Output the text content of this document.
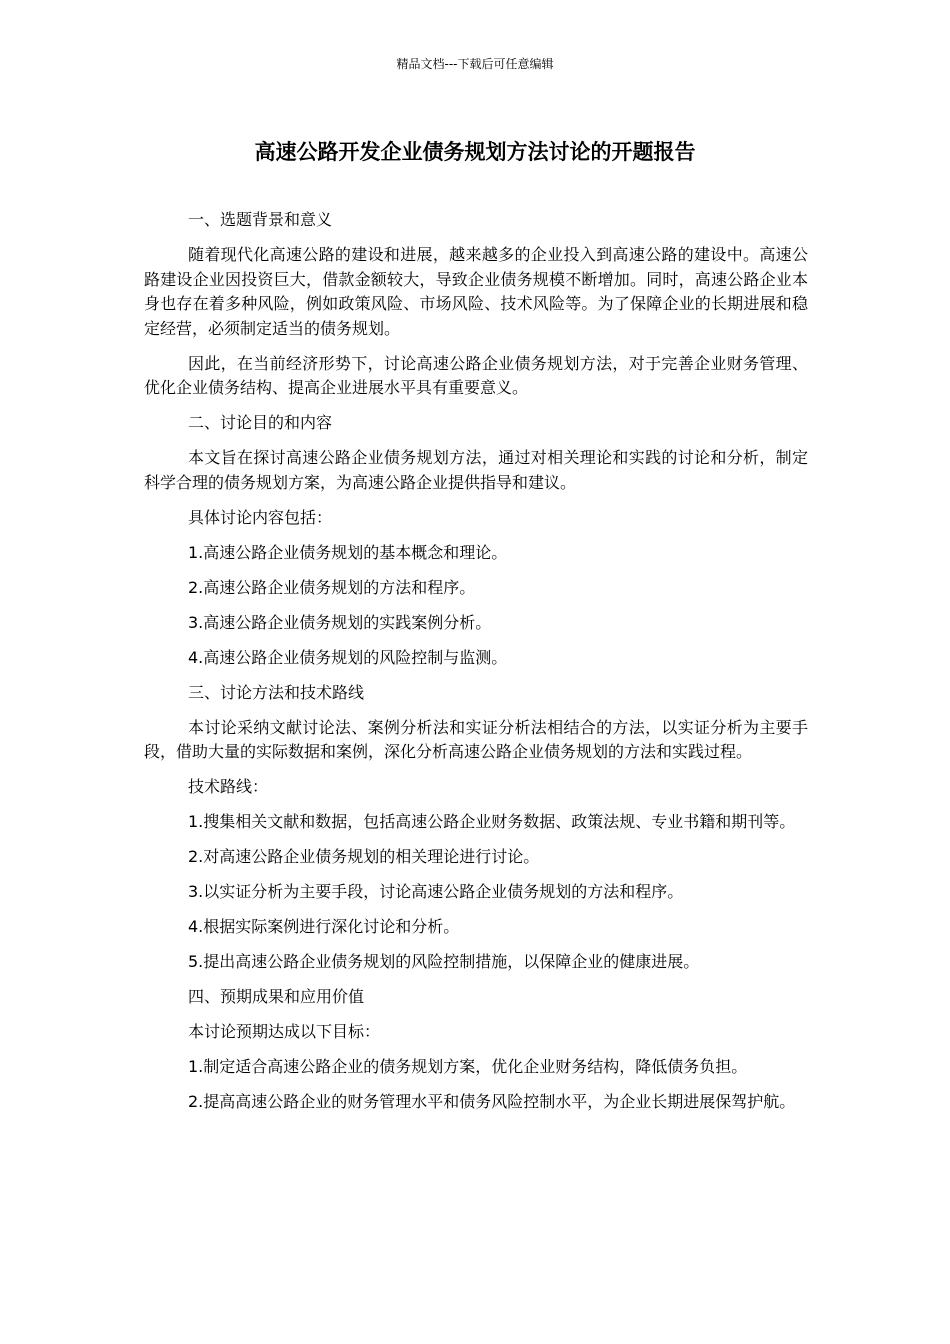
精品文档---下载后可任意编辑
高速公路开发企业债务规划方法讨论的开题报告

一、选题背景和意义

随着现代化高速公路的建设和进展，越来越多的企业投入到高速公路的建设中。高速公路建设企业因投资巨大，借款金额较大，导致企业债务规模不断增加。同时，高速公路企业本身也存在着多种风险，例如政策风险、市场风险、技术风险等。为了保障企业的长期进展和稳定经营，必须制定适当的债务规划。

因此，在当前经济形势下，讨论高速公路企业债务规划方法，对于完善企业财务管理、优化企业债务结构、提高企业进展水平具有重要意义。

二、讨论目的和内容

本文旨在探讨高速公路企业债务规划方法，通过对相关理论和实践的讨论和分析，制定科学合理的债务规划方案，为高速公路企业提供指导和建议。

具体讨论内容包括：

1.高速公路企业债务规划的基本概念和理论。

2.高速公路企业债务规划的方法和程序。

3.高速公路企业债务规划的实践案例分析。

4.高速公路企业债务规划的风险控制与监测。

三、讨论方法和技术路线

本讨论采纳文献讨论法、案例分析法和实证分析法相结合的方法，以实证分析为主要手段，借助大量的实际数据和案例，深化分析高速公路企业债务规划的方法和实践过程。

技术路线：

1.搜集相关文献和数据，包括高速公路企业财务数据、政策法规、专业书籍和期刊等。

2.对高速公路企业债务规划的相关理论进行讨论。

3.以实证分析为主要手段，讨论高速公路企业债务规划的方法和程序。

4.根据实际案例进行深化讨论和分析。

5.提出高速公路企业债务规划的风险控制措施，以保障企业的健康进展。

四、预期成果和应用价值

本讨论预期达成以下目标：

1.制定适合高速公路企业的债务规划方案，优化企业财务结构，降低债务负担。

2.提高高速公路企业的财务管理水平和债务风险控制水平，为企业长期进展保驾护航。
